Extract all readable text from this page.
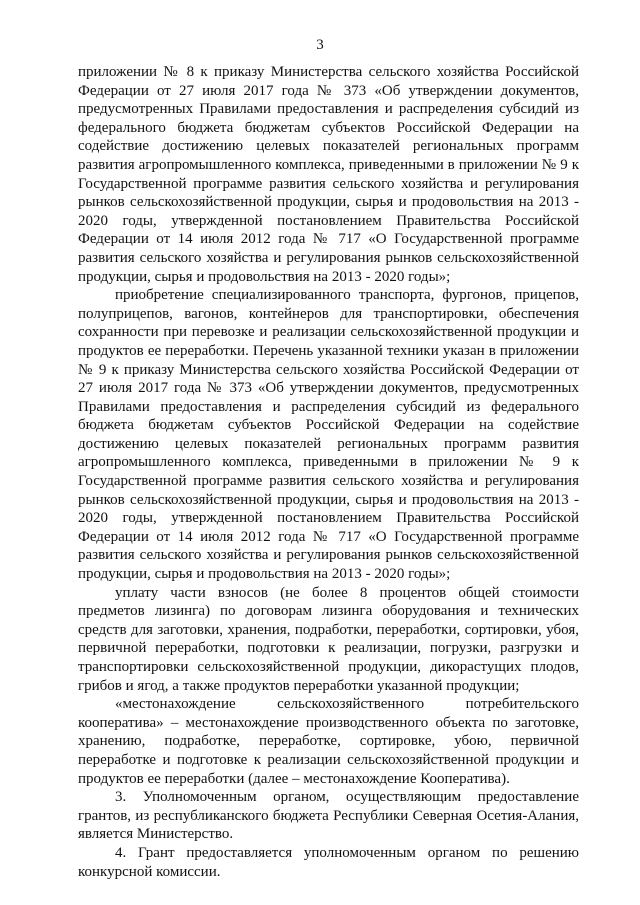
3

приложении № 8 к приказу Министерства сельского хозяйства Российской Федерации от 27 июля 2017 года № 373 «Об утверждении документов, предусмотренных Правилами предоставления и распределения субсидий из федерального бюджета бюджетам субъектов Российской Федерации на содействие достижению целевых показателей региональных программ развития агропромышленного комплекса, приведенными в приложении № 9 к Государственной программе развития сельского хозяйства и регулирования рынков сельскохозяйственной продукции, сырья и продовольствия на 2013 - 2020 годы, утвержденной постановлением Правительства Российской Федерации от 14 июля 2012 года № 717 «О Государственной программе развития сельского хозяйства и регулирования рынков сельскохозяйственной продукции, сырья и продовольствия на 2013 - 2020 годы»;

приобретение специализированного транспорта, фургонов, прицепов, полуприцепов, вагонов, контейнеров для транспортировки, обеспечения сохранности при перевозке и реализации сельскохозяйственной продукции и продуктов ее переработки. Перечень указанной техники указан в приложении № 9 к приказу Министерства сельского хозяйства Российской Федерации от 27 июля 2017 года № 373 «Об утверждении документов, предусмотренных Правилами предоставления и распределения субсидий из федерального бюджета бюджетам субъектов Российской Федерации на содействие достижению целевых показателей региональных программ развития агропромышленного комплекса, приведенными в приложении № 9 к Государственной программе развития сельского хозяйства и регулирования рынков сельскохозяйственной продукции, сырья и продовольствия на 2013 - 2020 годы, утвержденной постановлением Правительства Российской Федерации от 14 июля 2012 года № 717 «О Государственной программе развития сельского хозяйства и регулирования рынков сельскохозяйственной продукции, сырья и продовольствия на 2013 - 2020 годы»;

уплату части взносов (не более 8 процентов общей стоимости предметов лизинга) по договорам лизинга оборудования и технических средств для заготовки, хранения, подработки, переработки, сортировки, убоя, первичной переработки, подготовки к реализации, погрузки, разгрузки и транспортировки сельскохозяйственной продукции, дикорастущих плодов, грибов и ягод, а также продуктов переработки указанной продукции;

«местонахождение сельскохозяйственного потребительского кооператива» – местонахождение производственного объекта по заготовке, хранению, подработке, переработке, сортировке, убою, первичной переработке и подготовке к реализации сельскохозяйственной продукции и продуктов ее переработки (далее – местонахождение Кооператива).

3. Уполномоченным органом, осуществляющим предоставление грантов, из республиканского бюджета Республики Северная Осетия-Алания, является Министерство.

4. Грант предоставляется уполномоченным органом по решению конкурсной комиссии.
